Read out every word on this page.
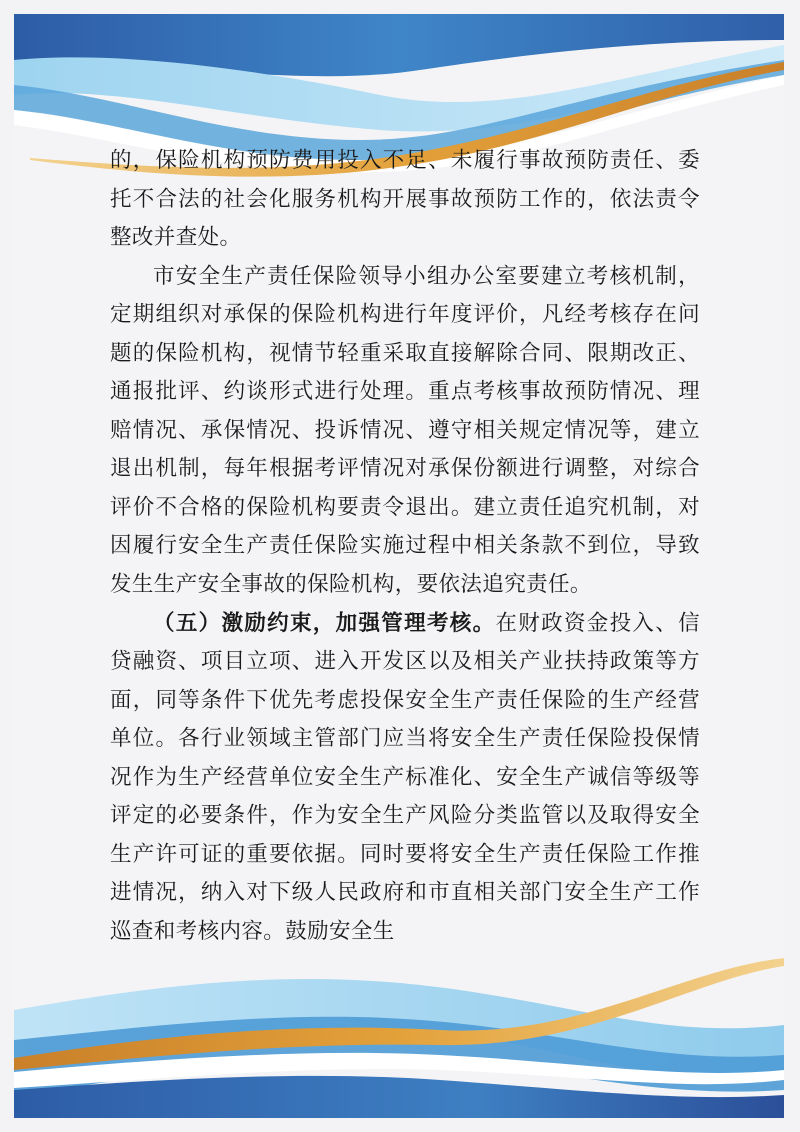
的，保险机构预防费用投入不足、未履行事故预防责任、委托不合法的社会化服务机构开展事故预防工作的，依法责令整改并查处。

市安全生产责任保险领导小组办公室要建立考核机制，定期组织对承保的保险机构进行年度评价，凡经考核存在问题的保险机构，视情节轻重采取直接解除合同、限期改正、通报批评、约谈形式进行处理。重点考核事故预防情况、理赔情况、承保情况、投诉情况、遵守相关规定情况等，建立退出机制，每年根据考评情况对承保份额进行调整，对综合评价不合格的保险机构要责令退出。建立责任追究机制，对因履行安全生产责任保险实施过程中相关条款不到位，导致发生生产安全事故的保险机构，要依法追究责任。

（五）激励约束，加强管理考核。在财政资金投入、信贷融资、项目立项、进入开发区以及相关产业扶持政策等方面，同等条件下优先考虑投保安全生产责任保险的生产经营单位。各行业领域主管部门应当将安全生产责任保险投保情况作为生产经营单位安全生产标准化、安全生产诚信等级等评定的必要条件，作为安全生产风险分类监管以及取得安全生产许可证的重要依据。同时要将安全生产责任保险工作推进情况，纳入对下级人民政府和市直相关部门安全生产工作巡查和考核内容。鼓励安全生
